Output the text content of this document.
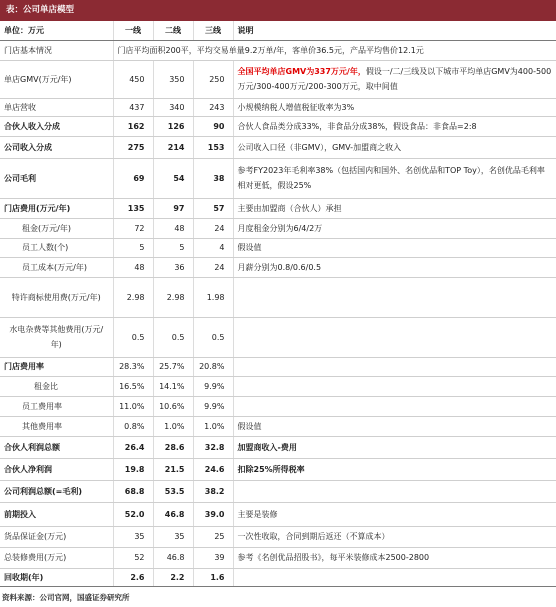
表：公司单店模型
单位：万元	一线	二线	三线	说明
门店基本情况	门店平均面积200平，平均交易单量9.2万单/年，客单价36.5元，产品平均售价12.1元			
单店GMV(万元/年)	450	350	250	全国平均单店GMV为337万元/年，假设一/二/三线及以下城市平均单店GMV为400-500万元/300-400万元/200-300万元，取中间值
单店营收	437	340	243	小规模纳税人增值税征收率为3%
合伙人收入分成	162	126	90	合伙人食品类分成33%，非食品分成38%，假设食品：非食品=2:8
公司收入分成	275	214	153	公司收入口径（非GMV），GMV-加盟商之收入
公司毛利	69	54	38	参考FY2023年毛利率38%（包括国内和国外、名创优品和TOP Toy），名创优品毛利率相对更低，假设25%
门店费用(万元/年)	135	97	57	主要由加盟商（合伙人）承担
租金(万元/年)	72	48	24	月度租金分别为6/4/2万
员工人数(个)	5	5	4	假设值
员工成本(万元/年)	48	36	24	月薪分别为0.8/0.6/0.5
特许商标使用费(万元/年)	2.98	2.98	1.98	
水电杂费等其他费用(万元/年)	0.5	0.5	0.5	
门店费用率	28.3%	25.7%	20.8%	
租金比	16.5%	14.1%	9.9%	
员工费用率	11.0%	10.6%	9.9%	
其他费用率	0.8%	1.0%	1.0%	假设值
合伙人利润总额	26.4	28.6	32.8	加盟商收入-费用
合伙人净利润	19.8	21.5	24.6	扣除25%所得税率
公司利润总额(=毛利)	68.8	53.5	38.2	
前期投入	52.0	46.8	39.0	主要是装修
货品保证金(万元)	35	35	25	一次性收取，合同到期后返还（不算成本）
总装修费用(万元)	52	46.8	39	参考《名创优品招股书》，每平米装修成本2500-2800
回收期(年)	2.6	2.2	1.6	
资料来源：公司官网，国盛证券研究所
